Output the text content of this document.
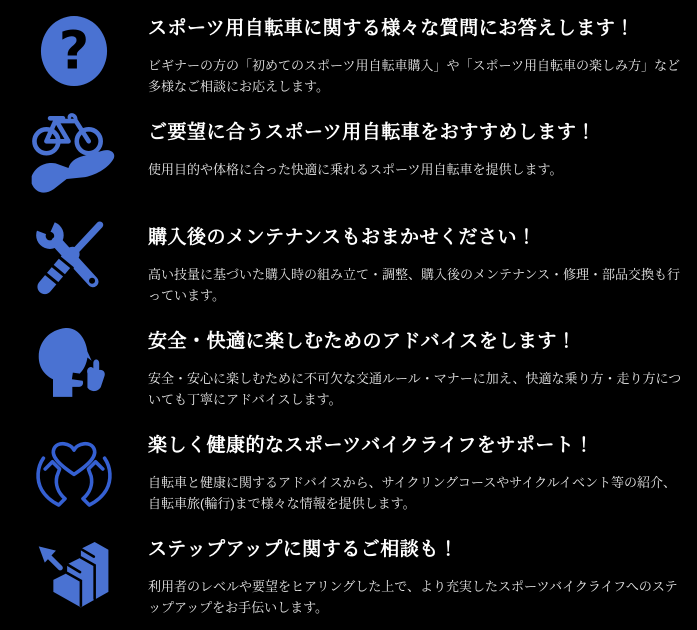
?	スポーツ用自転車に関する様々な質問にお答えします！

ビギナーの方の「初めてのスポーツ用自転車購入」や「スポーツ用自転車の楽しみ方」など多様なご相談にお応えします。

ご要望に合うスポーツ用自転車をおすすめします！

使用目的や体格に合った快適に乗れるスポーツ用自転車を提供します。

購入後のメンテナンスもおまかせください！

高い技量に基づいた購入時の組み立て・調整、購入後のメンテナンス・修理・部品交換も行っています。

安全・快適に楽しむためのアドバイスをします！

安全・安心に楽しむために不可欠な交通ルール・マナーに加え、快適な乗り方・走り方についても丁寧にアドバイスします。

楽しく健康的なスポーツバイクライフをサポート！

自転車と健康に関するアドバイスから、サイクリングコースやサイクルイベント等の紹介、自転車旅(輪行)まで様々な情報を提供します。

ステップアップに関するご相談も！

利用者のレベルや要望をヒアリングした上で、より充実したスポーツバイクライフへのステップアップをお手伝いします。
